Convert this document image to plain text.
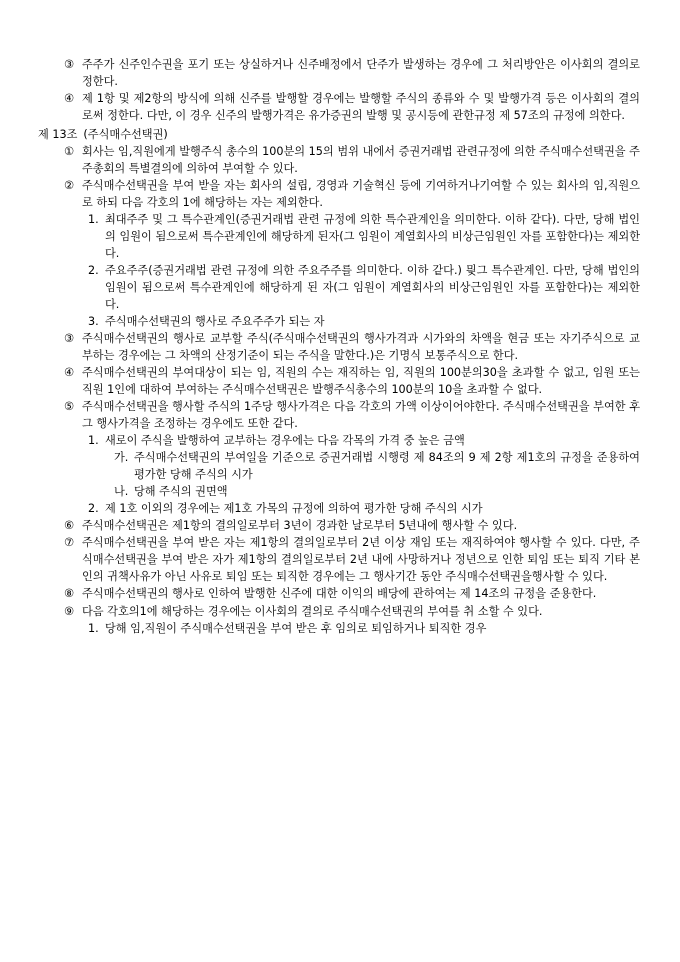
③ 주주가 신주인수권을 포기 또는 상실하거나 신주배정에서 단주가 발생하는 경우에 그 처리방안은 이사회의 결의로 정한다.
④ 제 1항 및 제2항의 방식에 의해 신주를 발행할 경우에는 발행할 주식의 종류와 수 및 발행가격 등은 이사회의 결의로써 정한다. 다만, 이 경우 신주의 발행가격은 유가증권의 발행 및 공시등에 관한규정 제 57조의 규정에 의한다.
제 13조 (주식매수선택권)
① 회사는 임,직원에게 발행주식 총수의 100분의 15의 범위 내에서 증권거래법 관련규정에 의한 주식매수선택권을 주주총회의 특별결의에 의하여 부여할 수 있다.
② 주식매수선택권을 부여 받을 자는 회사의 설립, 경영과 기술혁신 등에 기여하거나기여할 수 있는 회사의 임,직원으로 하되 다음 각호의 1에 해당하는 자는 제외한다.
1. 최대주주 및 그 특수관계인(증권거래법 관련 규정에 의한 특수관계인을 의미한다. 이하 같다). 다만, 당해 법인의 임원이 됨으로써 특수관계인에 해당하게 된자(그 임원이 계열회사의 비상근임원인 자를 포함한다)는 제외한다.
2. 주요주주(증권거래법 관련 규정에 의한 주요주주를 의미한다. 이하 같다.) 믲그 특수관계인. 다만, 당해 법인의 임원이 됨으로써 특수관계인에 해당하게 된 자(그 임원이 계열회사의 비상근임원인 자를 포함한다)는 제외한다.
3. 주식매수선택권의 행사로 주요주주가 되는 자
③ 주식매수선택권의 행사로 교부할 주식(주식매수선택권의 행사가격과 시가와의 차액을 현금 또는 자기주식으로 교부하는 경우에는 그 차액의 산정기준이 되는 주식을 말한다.)은 기명식 보통주식으로 한다.
④ 주식매수선택권의 부여대상이 되는 임, 직원의 수는 재직하는 임, 직원의 100분의30을 초과할 수 없고, 임원 또는 직원 1인에 대하여 부여하는 주식매수선택권은 발행주식총수의 100분의 10을 초과할 수 없다.
⑤ 주식매수선택권을 행사할 주식의 1주당 행사가격은 다음 각호의 가액 이상이어야한다. 주식매수선택권을 부여한 후 그 행사가격을 조정하는 경우에도 또한 같다.
1. 새로이 주식을 발행하여 교부하는 경우에는 다음 각목의 가격 중 높은 금액
가. 주식매수선택권의 부여일을 기준으로 증권거래법 시행령 제 84조의 9 제 2항 제1호의 규정을 준용하여 평가한 당해 주식의 시가
나. 당해 주식의 권면액
2. 제 1호 이외의 경우에는 제1호 가목의 규정에 의하여 평가한 당해 주식의 시가
⑥ 주식매수선택권은 제1항의 결의일로부터 3년이 경과한 날로부터 5년내에 행사할 수 있다.
⑦ 주식매수선택권을 부여 받은 자는 제1항의 결의일로부터 2년 이상 재임 또는 재직하여야 행사할 수 있다. 다만, 주식매수선택권을 부여 받은 자가 제1항의 결의일로부터 2년 내에 사망하거나 정년으로 인한 퇴임 또는 퇴직 기타 본인의 귀책사유가 아닌 사유로 퇴임 또는 퇴직한 경우에는 그 행사기간 동안 주식매수선택권을행사할 수 있다.
⑧ 주식매수선택권의 행사로 인하여 발행한 신주에 대한 이익의 배당에 관하여는 제 14조의 규정을 준용한다.
⑨ 다음 각호의1에 해당하는 경우에는 이사회의 결의로 주식매수선택권의 부여를 취 소할 수 있다.
1. 당해 임,직원이 주식매수선택권을 부여 받은 후 임의로 퇴임하거나 퇴직한 경우
